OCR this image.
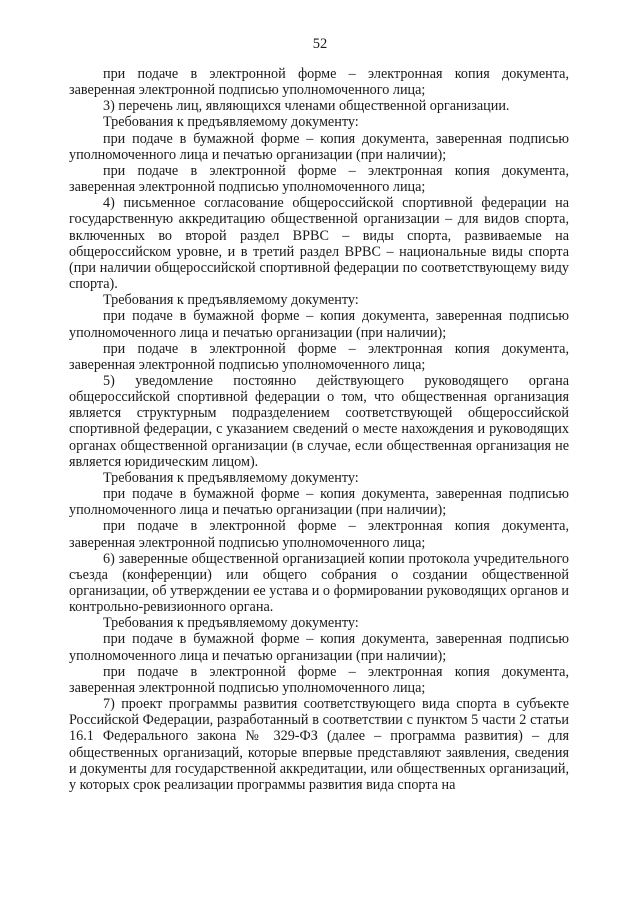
52

при подаче в электронной форме – электронная копия документа, заверенная электронной подписью уполномоченного лица;

3) перечень лиц, являющихся членами общественной организации.

Требования к предъявляемому документу:

при подаче в бумажной форме – копия документа, заверенная подписью уполномоченного лица и печатью организации (при наличии);

при подаче в электронной форме – электронная копия документа, заверенная электронной подписью уполномоченного лица;

4) письменное согласование общероссийской спортивной федерации на государственную аккредитацию общественной организации – для видов спорта, включенных во второй раздел ВРВС – виды спорта, развиваемые на общероссийском уровне, и в третий раздел ВРВС – национальные виды спорта (при наличии общероссийской спортивной федерации по соответствующему виду спорта).

Требования к предъявляемому документу:

при подаче в бумажной форме – копия документа, заверенная подписью уполномоченного лица и печатью организации (при наличии);

при подаче в электронной форме – электронная копия документа, заверенная электронной подписью уполномоченного лица;

5) уведомление постоянно действующего руководящего органа общероссийской спортивной федерации о том, что общественная организация является структурным подразделением соответствующей общероссийской спортивной федерации, с указанием сведений о месте нахождения и руководящих органах общественной организации (в случае, если общественная организация не является юридическим лицом).

Требования к предъявляемому документу:

при подаче в бумажной форме – копия документа, заверенная подписью уполномоченного лица и печатью организации (при наличии);

при подаче в электронной форме – электронная копия документа, заверенная электронной подписью уполномоченного лица;

6) заверенные общественной организацией копии протокола учредительного съезда (конференции) или общего собрания о создании общественной организации, об утверждении ее устава и о формировании руководящих органов и контрольно-ревизионного органа.

Требования к предъявляемому документу:

при подаче в бумажной форме – копия документа, заверенная подписью уполномоченного лица и печатью организации (при наличии);

при подаче в электронной форме – электронная копия документа, заверенная электронной подписью уполномоченного лица;

7) проект программы развития соответствующего вида спорта в субъекте Российской Федерации, разработанный в соответствии с пунктом 5 части 2 статьи 16.1 Федерального закона № 329-ФЗ (далее – программа развития) – для общественных организаций, которые впервые представляют заявления, сведения и документы для государственной аккредитации, или общественных организаций, у которых срок реализации программы развития вида спорта на
